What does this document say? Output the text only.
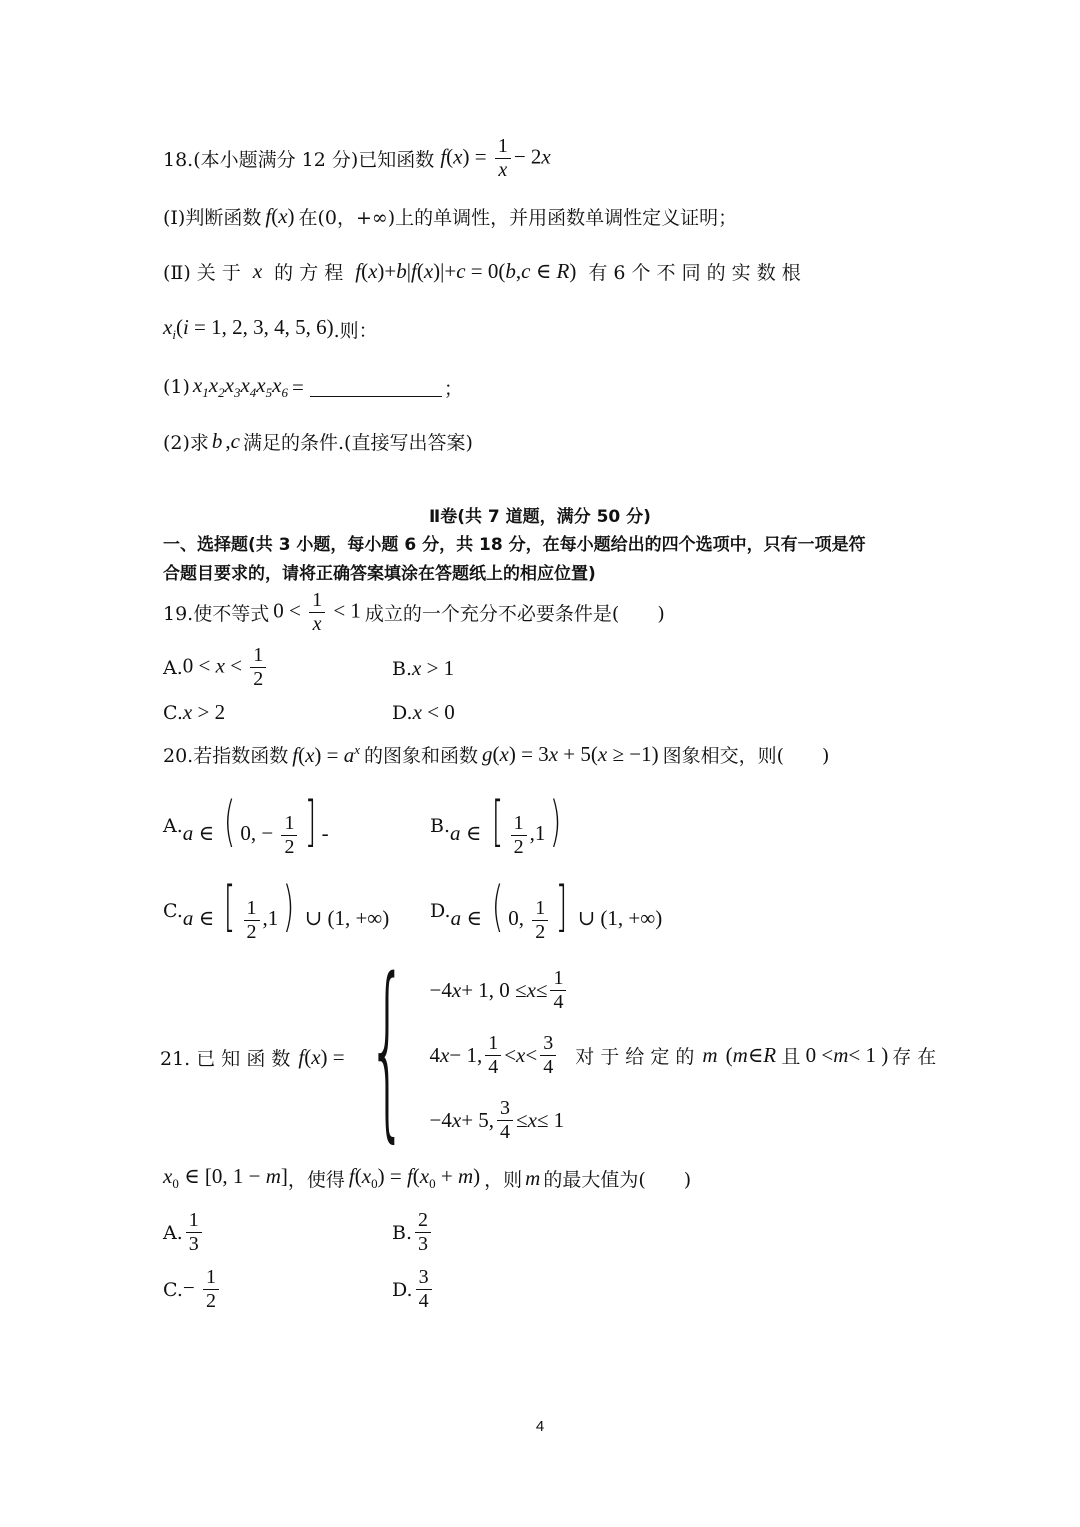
18.(本小题满分 12 分)已知函数 $f(x) = \frac{1}{x} - 2x$
(Ⅰ)判断函数 f(x) 在(0，+∞)上的单调性，并用函数单调性定义证明；
(Ⅱ) 关 于 x 的 方 程 f(x)+b|f(x)|+c = 0(b,c ∈ R) 有 6 个 不 同 的 实 数 根
$x_i(i = 1$, 2, 3, 4, 5, 6) .则：
(1) $x_1x_2x_3x_4x_5x_6$ =	；
(2)求 b , c 满足的条件.(直接写出答案)
Ⅱ卷(共 7 道题，满分 50 分)
一、选择题(共 3 小题，每小题 6 分，共 18 分，在每小题给出的四个选项中，只有一项是符
合题目要求的，请将正确答案填涂在答题纸上的相应位置)
19.使不等式 $0 < \frac{1}{x} < 1$ 成立的一个充分不必要条件是(　　)
A. $0 < x < \frac{1}{2}$	B. x > 1
C. x > 2	D. x < 0
20.若指数函数 $f(x) = a^x$ 的图象和函数 g(x) = 3x + 5(x ≥ −1) 图象相交，则(　　)
A. a ∈ ( 0, − $\frac{1}{2}$ ] -	B. a ∈ [ $\frac{1}{2} ,1$)
C. a ∈ [ $\frac{1}{2} ,1$) ∪ (1, +∞) D. a ∈ ( 0, $\frac{1}{2}$ ] ∪ (1, +∞)
21. 已 知 函 数 f(x) = { −4 x + 1, $0 \le x \le \frac{1}{4}$
4 x − 1, $\frac{1}{4} < x < \frac{3}{4}$ 对 于 给 定 的 m ( m ∈ R
且 0 < m < 1 ) 存 在
−4 x + 5, $\frac{3}{4} \le x \le 1$
$x_0$ ∈ [0, 1 − m] ，使得 $f(x_0) = f(x_0 + m)$ ，则 m 的最大值为(　　)
A. $\frac{1}{3}$	B. $\frac{2}{3}$
C. − $\frac{1}{2}$	D. $\frac{3}{4}$
4
